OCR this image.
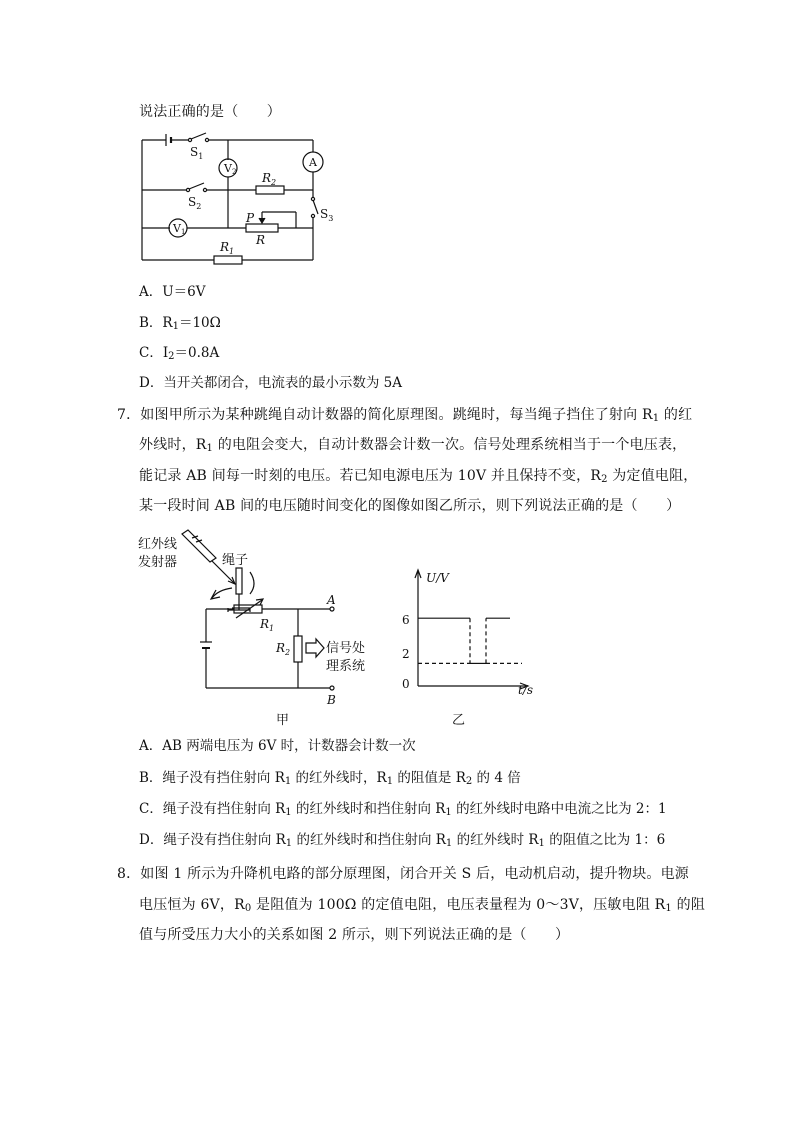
说法正确的是（　　）
$S_1$
V2
A
$R_2$
$S_2$
$S_3$
P
R
V1
$R_1$
A．U＝6V
B．$R_1=10\Omega$
C．$I_2=0.8A$
D．当开关都闭合，电流表的最小示数为 5A
7．如图甲所示为某种跳绳自动计数器的简化原理图。跳绳时，每当绳子挡住了射向 $R_1$ 的红
外线时，$R_1$ 的电阻会变大，自动计数器会计数一次。信号处理系统相当于一个电压表，
能记录 AB 间每一时刻的电压。若已知电源电压为 10V 并且保持不变，$R_2$ 为定值电阻，
某一段时间 AB 间的电压随时间变化的图像如图乙所示，则下列说法正确的是（　　）
红外线
发射器	绳子
A
B
$R_1$
$R_2$	信号处
理系统
甲
U/V
6
2
0	t/s
乙
A．AB 两端电压为 6V 时，计数器会计数一次
B．绳子没有挡住射向 $R_1$ 的红外线时，$R_1$ 的阻值是 $R_2$ 的 4 倍
C．绳子没有挡住射向 $R_1$ 的红外线时和挡住射向 $R_1$ 的红外线时电路中电流之比为 2：1
D．绳子没有挡住射向 $R_1$ 的红外线时和挡住射向 $R_1$ 的红外线时 $R_1$ 的阻值之比为 1：6
8．如图 1 所示为升降机电路的部分原理图，闭合开关 S 后，电动机启动，提升物块。电源
电压恒为 6V，$R_0$ 是阻值为 100Ω 的定值电阻，电压表量程为 0～3V，压敏电阻 $R_1$ 的阻
值与所受压力大小的关系如图 2 所示，则下列说法正确的是（　　）
